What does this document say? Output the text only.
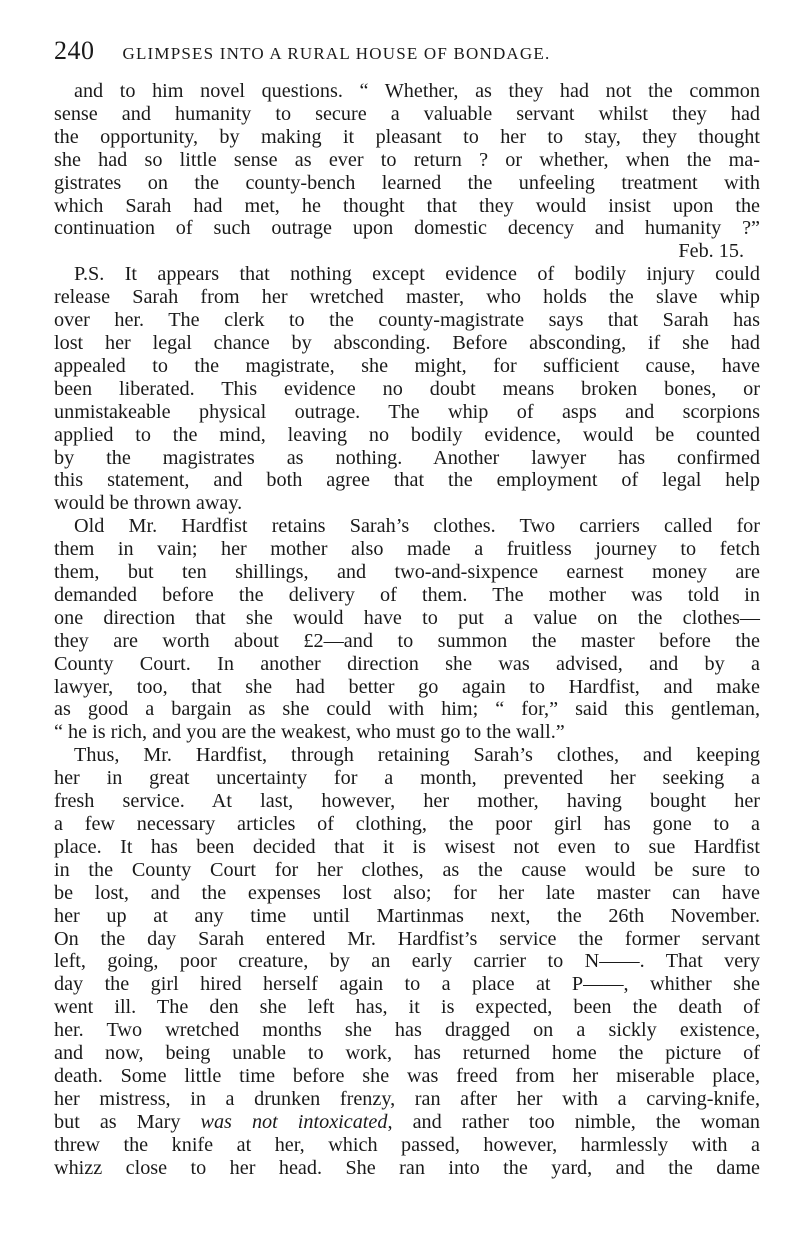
240 GLIMPSES INTO A RURAL HOUSE OF BONDAGE.
and to him novel questions. “ Whether, as they had not the common
sense and humanity to secure a valuable servant whilst they had
the opportunity, by making it pleasant to her to stay, they thought
she had so little sense as ever to return ? or whether, when the ma-
gistrates on the county-bench learned the unfeeling treatment with
which Sarah had met, he thought that they would insist upon the
continuation of such outrage upon domestic decency and humanity ?”
Feb. 15.
P.S. It appears that nothing except evidence of bodily injury could
release Sarah from her wretched master, who holds the slave whip
over her. The clerk to the county-magistrate says that Sarah has
lost her legal chance by absconding. Before absconding, if she had
appealed to the magistrate, she might, for sufficient cause, have
been liberated. This evidence no doubt means broken bones, or
unmistakeable physical outrage. The whip of asps and scorpions
applied to the mind, leaving no bodily evidence, would be counted
by the magistrates as nothing. Another lawyer has confirmed
this statement, and both agree that the employment of legal help
would be thrown away.
Old Mr. Hardfist retains Sarah’s clothes. Two carriers called for
them in vain; her mother also made a fruitless journey to fetch
them, but ten shillings, and two-and-sixpence earnest money are
demanded before the delivery of them. The mother was told in
one direction that she would have to put a value on the clothes—
they are worth about £2—and to summon the master before the
County Court. In another direction she was advised, and by a
lawyer, too, that she had better go again to Hardfist, and make
as good a bargain as she could with him; “ for,” said this gentleman,
“ he is rich, and you are the weakest, who must go to the wall.”
Thus, Mr. Hardfist, through retaining Sarah’s clothes, and keeping
her in great uncertainty for a month, prevented her seeking a
fresh service. At last, however, her mother, having bought her
a few necessary articles of clothing, the poor girl has gone to a
place. It has been decided that it is wisest not even to sue Hardfist
in the County Court for her clothes, as the cause would be sure to
be lost, and the expenses lost also; for her late master can have
her up at any time until Martinmas next, the 26th November.
On the day Sarah entered Mr. Hardfist’s service the former servant
left, going, poor creature, by an early carrier to N——. That very
day the girl hired herself again to a place at P——, whither she
went ill. The den she left has, it is expected, been the death of
her. Two wretched months she has dragged on a sickly existence,
and now, being unable to work, has returned home the picture of
death. Some little time before she was freed from her miserable place,
her mistress, in a drunken frenzy, ran after her with a carving-knife,
but as Mary was not intoxicated, and rather too nimble, the woman
threw the knife at her, which passed, however, harmlessly with a
whizz close to her head. She ran into the yard, and the dame
